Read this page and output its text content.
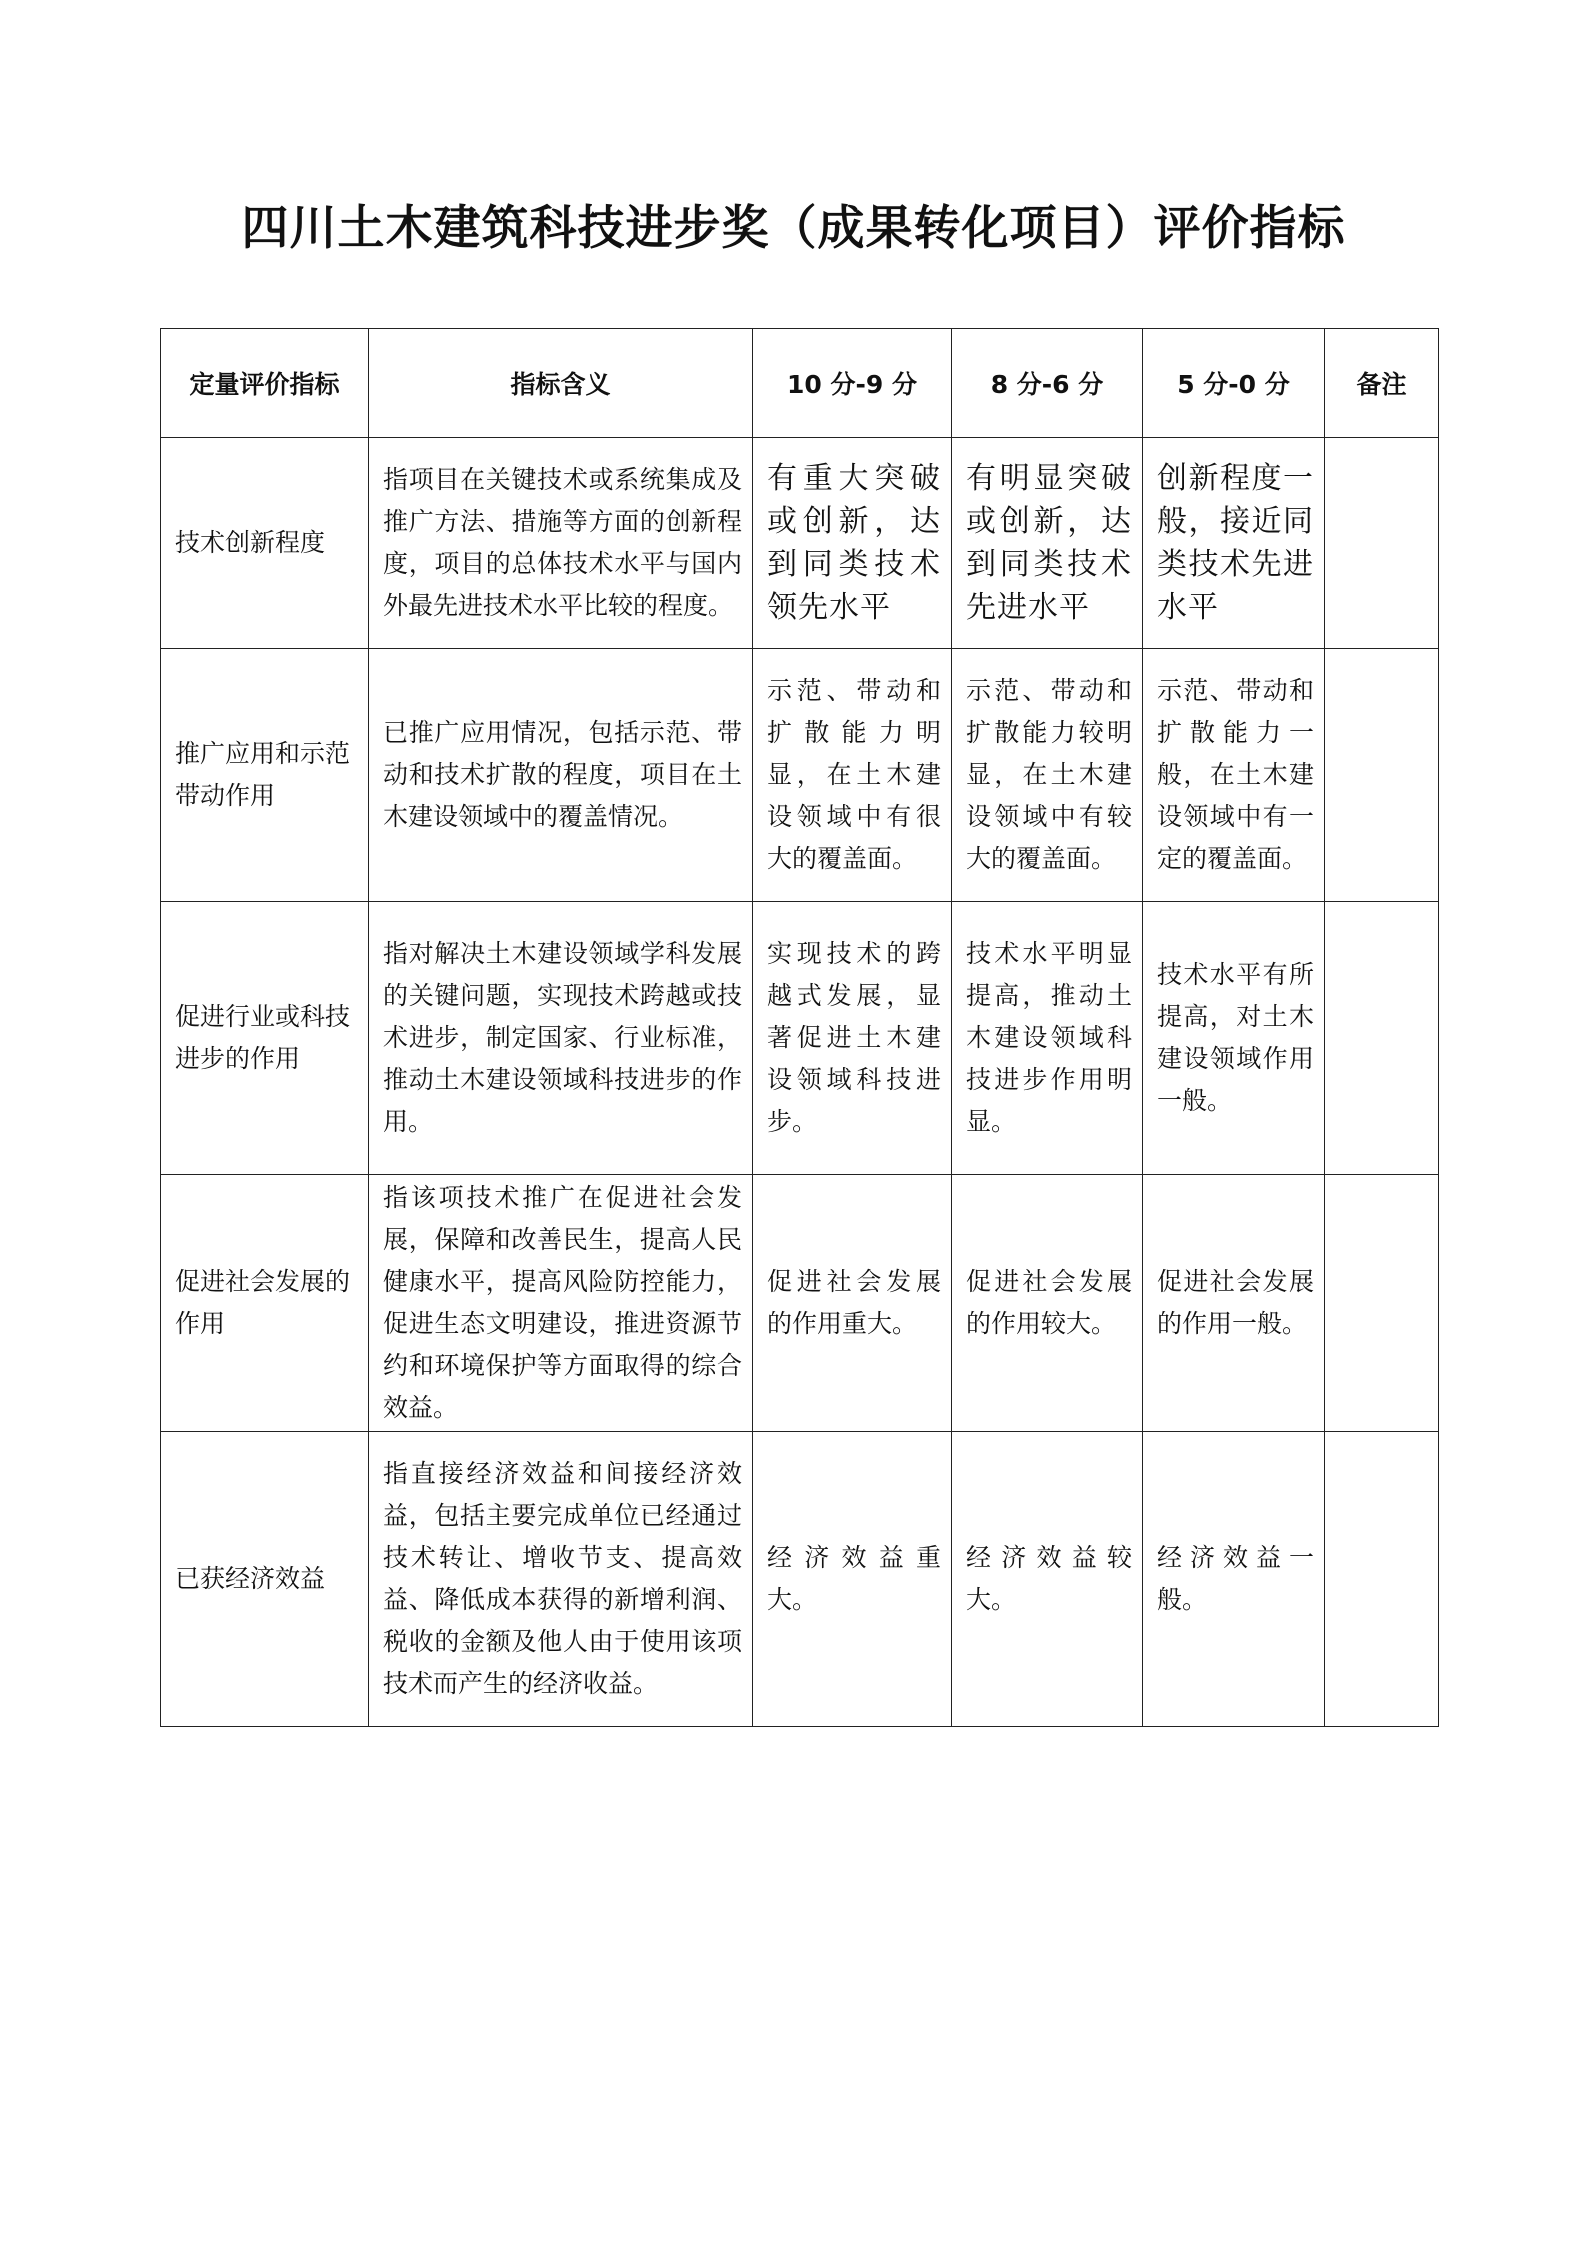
四川土木建筑科技进步奖（成果转化项目）评价指标
定量评价指标	指标含义	10 分-9 分	8 分-6 分	5 分-0 分	备注
技术创新程度	指项目在关键技术或系统集成及推广方法、措施等方面的创新程度，项目的总体技术水平与国内外最先进技术水平比较的程度。	有重大突破或创新，达到同类技术领先水平	有明显突破或创新，达到同类技术先进水平	创新程度一般，接近同类技术先进水平	
推广应用和示范带动作用	已推广应用情况，包括示范、带动和技术扩散的程度，项目在土木建设领域中的覆盖情况。	示范、带动和扩散能力明显，在土木建设领域中有很大的覆盖面。	示范、带动和扩散能力较明显，在土木建设领域中有较大的覆盖面。	示范、带动和扩散能力一般，在土木建设领域中有一定的覆盖面。	
促进行业或科技进步的作用	指对解决土木建设领域学科发展的关键问题，实现技术跨越或技术进步，制定国家、行业标准，推动土木建设领域科技进步的作用。	实现技术的跨越式发展，显著促进土木建设领域科技进步。	技术水平明显提高，推动土木建设领域科技进步作用明显。	技术水平有所提高，对土木建设领域作用一般。	
促进社会发展的作用	指该项技术推广在促进社会发展，保障和改善民生，提高人民健康水平，提高风险防控能力，促进生态文明建设，推进资源节约和环境保护等方面取得的综合效益。	促进社会发展的作用重大。	促进社会发展的作用较大。	促进社会发展的作用一般。	
已获经济效益	指直接经济效益和间接经济效益，包括主要完成单位已经通过技术转让、增收节支、提高效益、降低成本获得的新增利润、税收的金额及他人由于使用该项技术而产生的经济收益。	经济效益重大。	经济效益较大。	经济效益一般。	
